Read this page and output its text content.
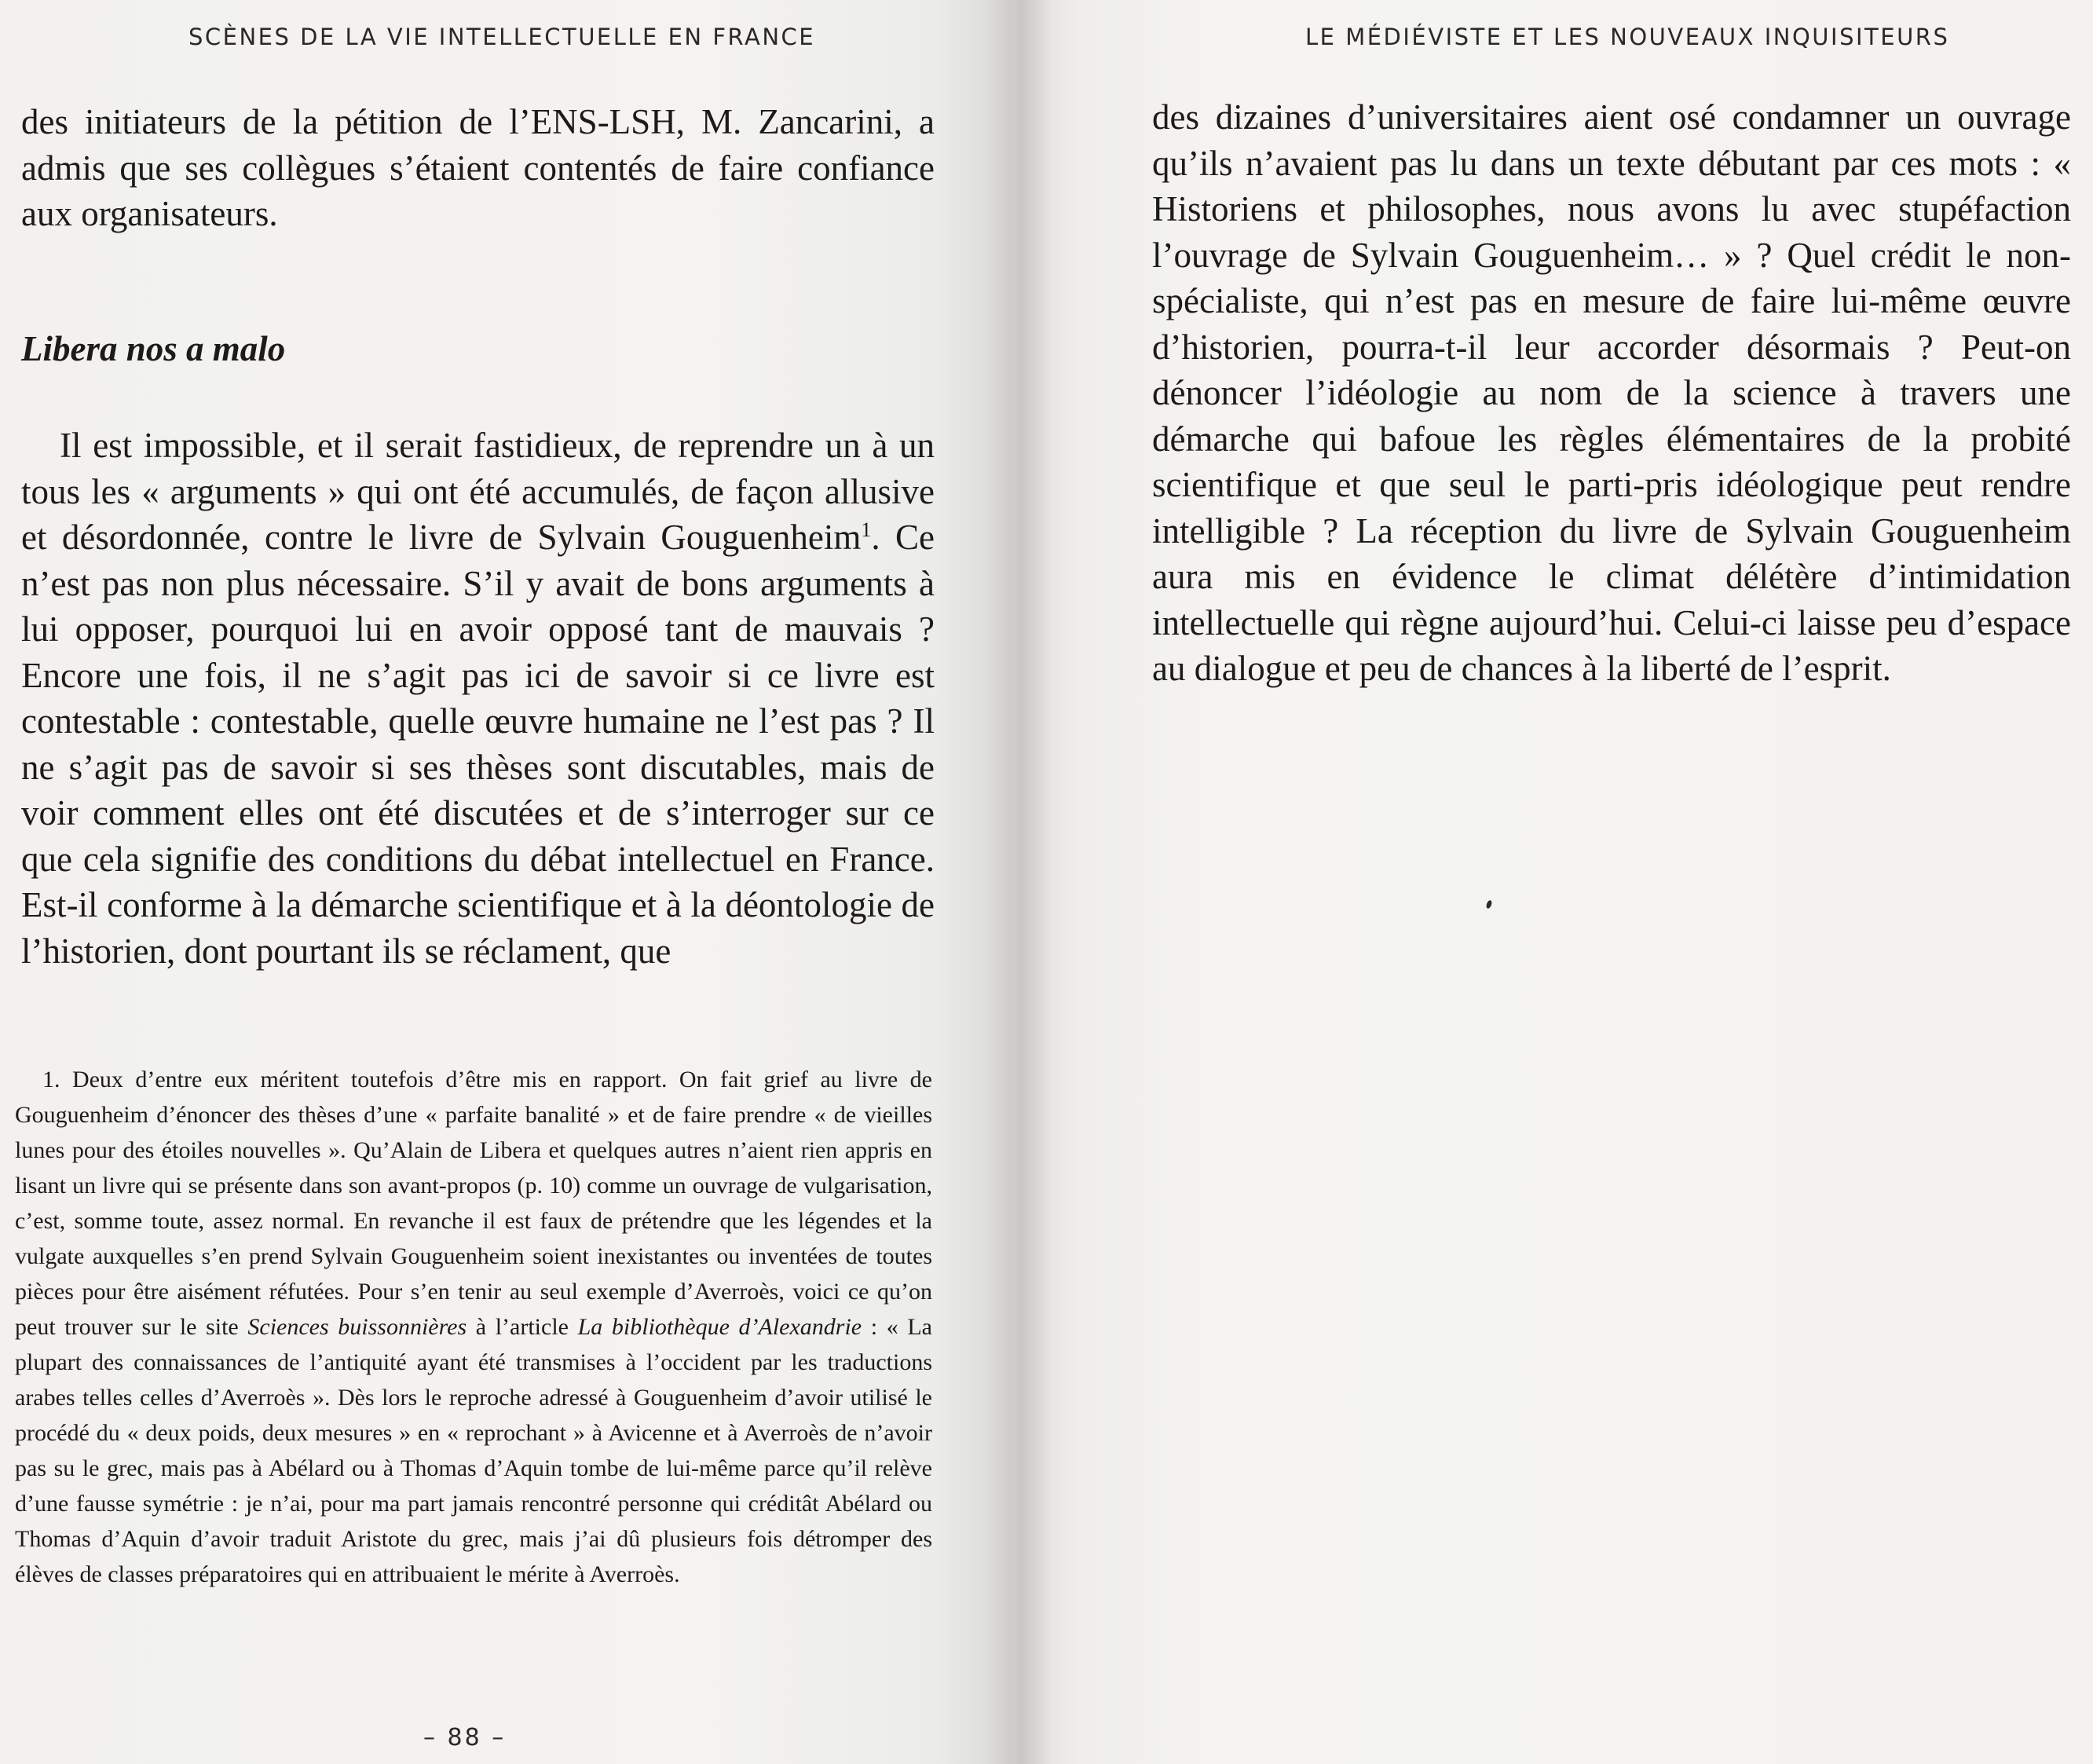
SCÈNES DE LA VIE INTELLECTUELLE EN FRANCE

des initiateurs de la pétition de l’ENS-LSH, M. Zancarini, a admis que ses collègues s’étaient contentés de faire confiance aux organisateurs.

Libera nos a malo

Il est impossible, et il serait fastidieux, de reprendre un à un tous les « arguments » qui ont été accumulés, de façon allusive et désordonnée, contre le livre de Sylvain Gouguenheim$^1$. Ce n’est pas non plus nécessaire. S’il y avait de bons arguments à lui opposer, pourquoi lui en avoir opposé tant de mauvais ? Encore une fois, il ne s’agit pas ici de savoir si ce livre est contestable : contestable, quelle œuvre humaine ne l’est pas ? Il ne s’agit pas de savoir si ses thèses sont discutables, mais de voir comment elles ont été discutées et de s’interroger sur ce que cela signifie des conditions du débat intellectuel en France. Est-il conforme à la démarche scientifique et à la déontologie de l’historien, dont pourtant ils se réclament, que

1. Deux d’entre eux méritent toutefois d’être mis en rapport. On fait grief au livre de Gouguenheim d’énoncer des thèses d’une « parfaite banalité » et de faire prendre « de vieilles lunes pour des étoiles nouvelles ». Qu’Alain de Libera et quelques autres n’aient rien appris en lisant un livre qui se présente dans son avant-propos (p. 10) comme un ouvrage de vulgarisation, c’est, somme toute, assez normal. En revanche il est faux de prétendre que les légendes et la vulgate auxquelles s’en prend Sylvain Gouguenheim soient inexistantes ou inventées de toutes pièces pour être aisément réfutées. Pour s’en tenir au seul exemple d’Averroès, voici ce qu’on peut trouver sur le site Sciences buissonnières à l’article La bibliothèque d’Alexandrie : « La plupart des connaissances de l’antiquité ayant été transmises à l’occident par les traductions arabes telles celles d’Averroès ». Dès lors le reproche adressé à Gouguenheim d’avoir utilisé le procédé du « deux poids, deux mesures » en « reprochant » à Avicenne et à Averroès de n’avoir pas su le grec, mais pas à Abélard ou à Thomas d’Aquin tombe de lui-même parce qu’il relève d’une fausse symétrie : je n’ai, pour ma part jamais rencontré personne qui créditât Abélard ou Thomas d’Aquin d’avoir traduit Aristote du grec, mais j’ai dû plusieurs fois détromper des élèves de classes préparatoires qui en attribuaient le mérite à Averroès.

– 88 –
LE MÉDIÉVISTE ET LES NOUVEAUX INQUISITEURS

des dizaines d’universitaires aient osé condamner un ouvrage qu’ils n’avaient pas lu dans un texte débutant par ces mots : « Historiens et philosophes, nous avons lu avec stupéfaction l’ouvrage de Sylvain Gouguenheim… » ? Quel crédit le non-spécialiste, qui n’est pas en mesure de faire lui-même œuvre d’historien, pourra-t-il leur accorder désormais ? Peut-on dénoncer l’idéologie au nom de la science à travers une démarche qui bafoue les règles élémentaires de la probité scientifique et que seul le parti-pris idéologique peut rendre intelligible ? La réception du livre de Sylvain Gouguenheim aura mis en évidence le climat délétère d’intimidation intellectuelle qui règne aujourd’hui. Celui-ci laisse peu d’espace au dialogue et peu de chances à la liberté de l’esprit.
